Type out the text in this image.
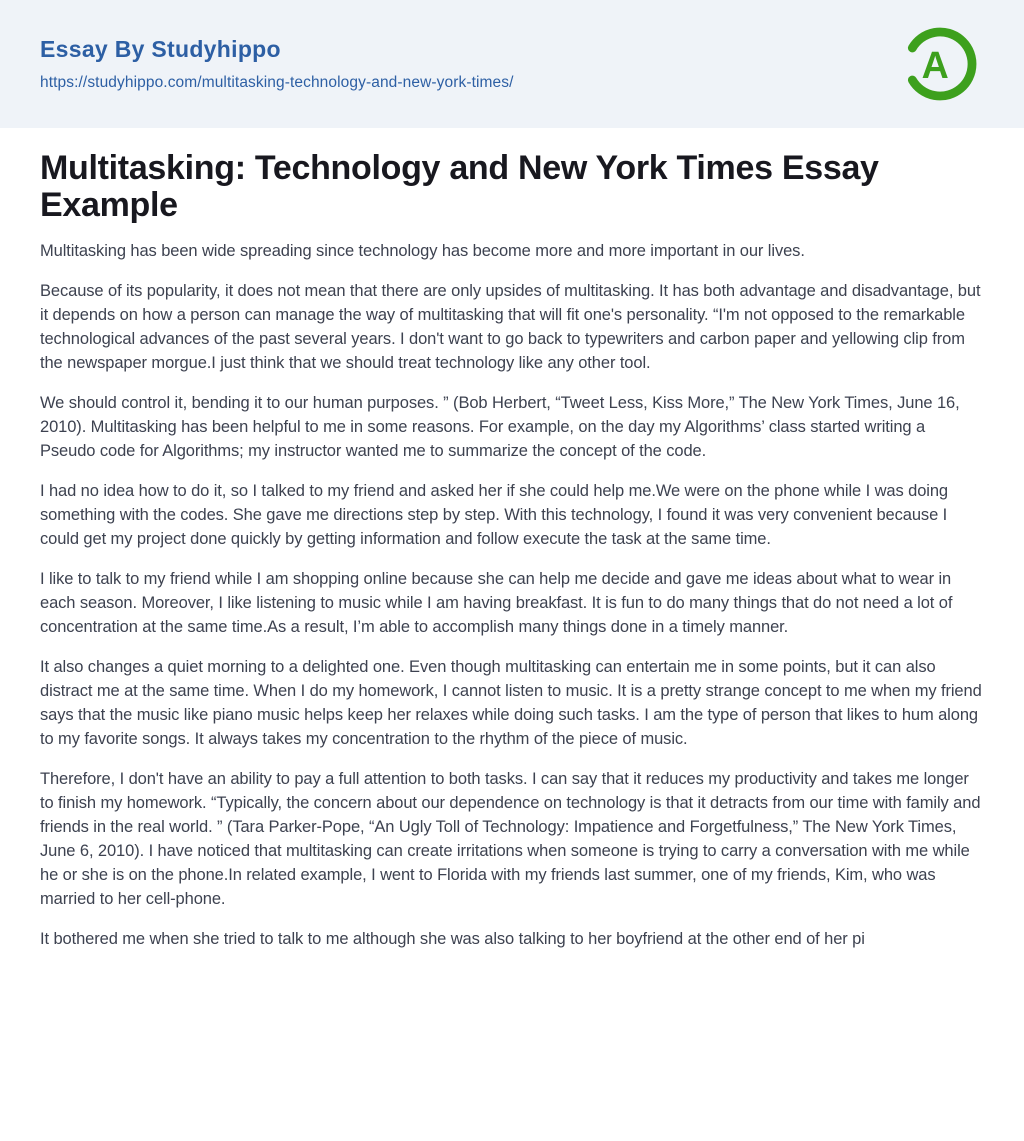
Essay By Studyhippo
https://studyhippo.com/multitasking-technology-and-new-york-times/	A
Multitasking: Technology and New York Times Essay Example

Multitasking has been wide spreading since technology has become more and more important in our lives.

Because of its popularity, it does not mean that there are only upsides of multitasking. It has both advantage and disadvantage, but it depends on how a person can manage the way of multitasking that will fit one's personality. “I'm not opposed to the remarkable technological advances of the past several years. I don't want to go back to typewriters and carbon paper and yellowing clip from the newspaper morgue.I just think that we should treat technology like any other tool.

We should control it, bending it to our human purposes. ” (Bob Herbert, “Tweet Less, Kiss More,” The New York Times, June 16, 2010). Multitasking has been helpful to me in some reasons. For example, on the day my Algorithms’ class started writing a Pseudo code for Algorithms; my instructor wanted me to summarize the concept of the code.

I had no idea how to do it, so I talked to my friend and asked her if she could help me.We were on the phone while I was doing something with the codes. She gave me directions step by step. With this technology, I found it was very convenient because I could get my project done quickly by getting information and follow execute the task at the same time.

I like to talk to my friend while I am shopping online because she can help me decide and gave me ideas about what to wear in each season. Moreover, I like listening to music while I am having breakfast. It is fun to do many things that do not need a lot of concentration at the same time.As a result, I’m able to accomplish many things done in a timely manner.

It also changes a quiet morning to a delighted one. Even though multitasking can entertain me in some points, but it can also distract me at the same time. When I do my homework, I cannot listen to music. It is a pretty strange concept to me when my friend says that the music like piano music helps keep her relaxes while doing such tasks. I am the type of person that likes to hum along to my favorite songs. It always takes my concentration to the rhythm of the piece of music.

Therefore, I don't have an ability to pay a full attention to both tasks. I can say that it reduces my productivity and takes me longer to finish my homework. “Typically, the concern about our dependence on technology is that it detracts from our time with family and friends in the real world. ” (Tara Parker-Pope, “An Ugly Toll of Technology: Impatience and Forgetfulness,” The New York Times, June 6, 2010). I have noticed that multitasking can create irritations when someone is trying to carry a conversation with me while he or she is on the phone.In related example, I went to Florida with my friends last summer, one of my friends, Kim, who was married to her cell-phone.

It bothered me when she tried to talk to me although she was also talking to her boyfriend at the other end of her pi
